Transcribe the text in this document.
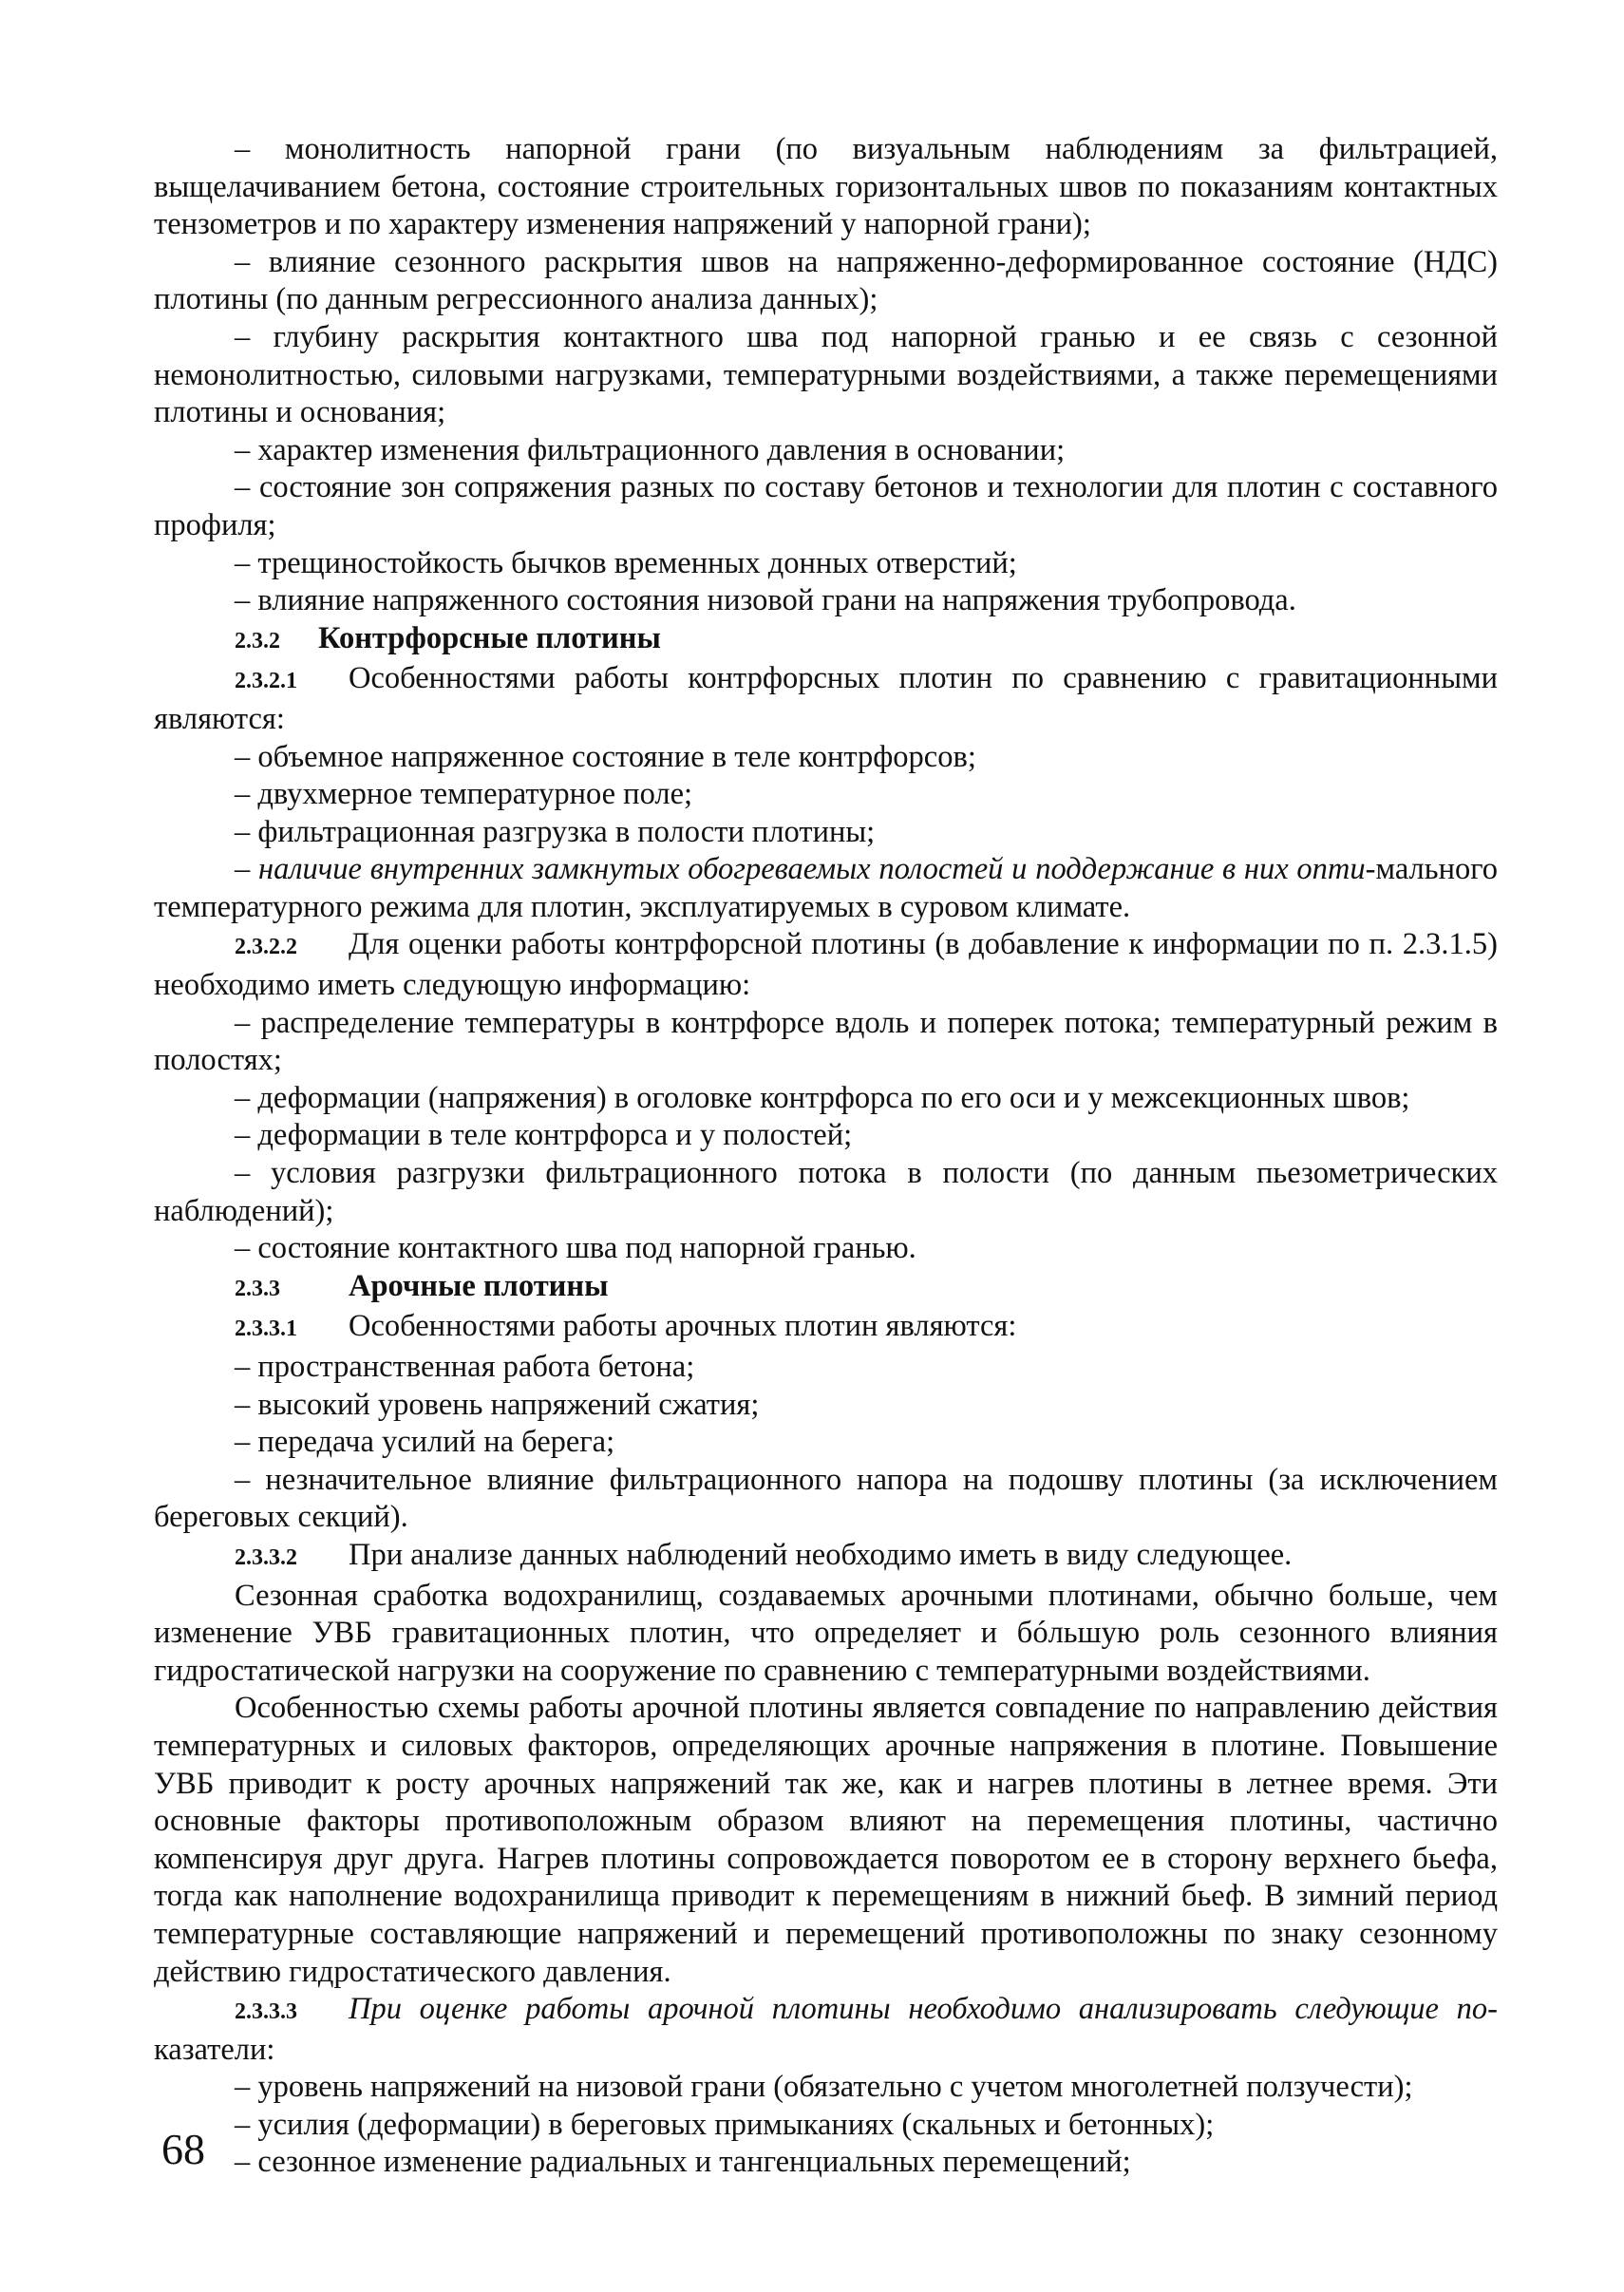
– монолитность напорной грани (по визуальным наблюдениям за фильтрацией, выщелачиванием бетона, состояние строительных горизонтальных швов по показаниям контактных тензометров и по характеру изменения напряжений у напорной грани);

– влияние сезонного раскрытия швов на напряженно-деформированное состояние (НДС) плотины (по данным регрессионного анализа данных);

– глубину раскрытия контактного шва под напорной гранью и ее связь с сезонной немонолитностью, силовыми нагрузками, температурными воздействиями, а также перемещениями плотины и основания;

– характер изменения фильтрационного давления в основании;

– состояние зон сопряжения разных по составу бетонов и технологии для плотин с составного профиля;

– трещиностойкость бычков временных донных отверстий;

– влияние напряженного состояния низовой грани на напряжения трубопровода.

2.3.2 Контрфорсные плотины

2.3.2.1 Особенностями работы контрфорсных плотин по сравнению с гравитационными являются:

– объемное напряженное состояние в теле контрфорсов;

– двухмерное температурное поле;

– фильтрационная разгрузка в полости плотины;

– наличие внутренних замкнутых обогреваемых полостей и поддержание в них опти-мального температурного режима для плотин, эксплуатируемых в суровом климате.

2.3.2.2 Для оценки работы контрфорсной плотины (в добавление к информации по п. 2.3.1.5) необходимо иметь следующую информацию:

– распределение температуры в контрфорсе вдоль и поперек потока; температурный режим в полостях;

– деформации (напряжения) в оголовке контрфорса по его оси и у межсекционных швов;

– деформации в теле контрфорса и у полостей;

– условия разгрузки фильтрационного потока в полости (по данным пьезометрических наблюдений);

– состояние контактного шва под напорной гранью.

2.3.3 Арочные плотины

2.3.3.1 Особенностями работы арочных плотин являются:

– пространственная работа бетона;

– высокий уровень напряжений сжатия;

– передача усилий на берега;

– незначительное влияние фильтрационного напора на подошву плотины (за исключением береговых секций).

2.3.3.2 При анализе данных наблюдений необходимо иметь в виду следующее.

Сезонная сработка водохранилищ, создаваемых арочными плотинами, обычно больше, чем изменение УВБ гравитационных плотин, что определяет и бóльшую роль сезонного влияния гидростатической нагрузки на сооружение по сравнению с температурными воздействиями.

Особенностью схемы работы арочной плотины является совпадение по направлению действия температурных и силовых факторов, определяющих арочные напряжения в плотине. Повышение УВБ приводит к росту арочных напряжений так же, как и нагрев плотины в летнее время. Эти основные факторы противоположным образом влияют на перемещения плотины, частично компенсируя друг друга. Нагрев плотины сопровождается поворотом ее в сторону верхнего бьефа, тогда как наполнение водохранилища приводит к перемещениям в нижний бьеф. В зимний период температурные составляющие напряжений и перемещений противоположны по знаку сезонному действию гидростатического давления.

2.3.3.3 При оценке работы арочной плотины необходимо анализировать следующие по-казатели:

– уровень напряжений на низовой грани (обязательно с учетом многолетней ползучести);

– усилия (деформации) в береговых примыканиях (скальных и бетонных);

– сезонное изменение радиальных и тангенциальных перемещений;

68
